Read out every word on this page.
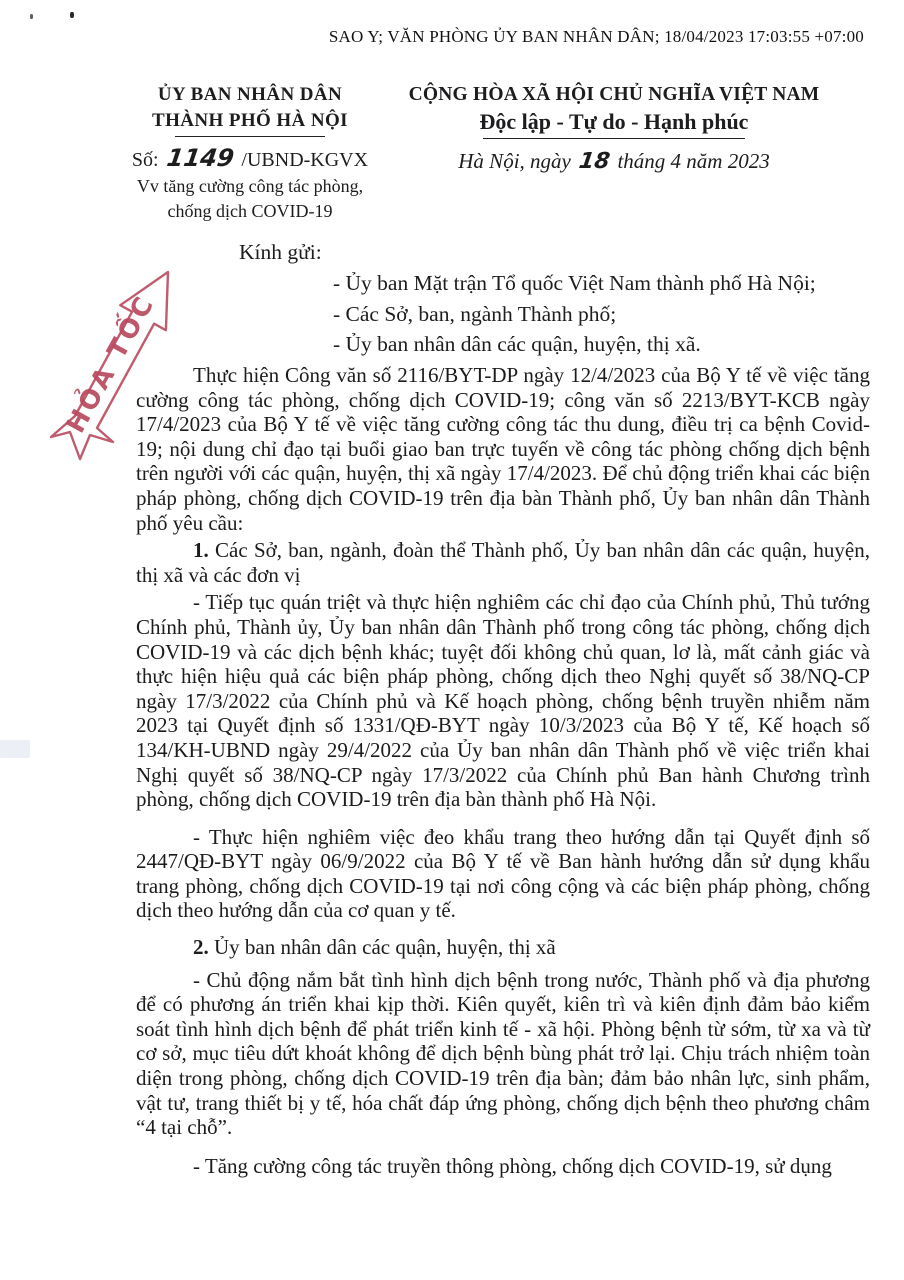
SAO Y; VĂN PHÒNG ỦY BAN NHÂN DÂN; 18/04/2023 17:03:55 +07:00
ỦY BAN NHÂN DÂN
THÀNH PHỐ HÀ NỘI
Số: 1149 /UBND-KGVX
Vv tăng cường công tác phòng,
chống dịch COVID-19
CỘNG HÒA XÃ HỘI CHỦ NGHĨA VIỆT NAM
Độc lập - Tự do - Hạnh phúc
Hà Nội, ngày 18 tháng 4 năm 2023
HỎA TỐC
Kính gửi:
- Ủy ban Mặt trận Tổ quốc Việt Nam thành phố Hà Nội;
- Các Sở, ban, ngành Thành phố;
- Ủy ban nhân dân các quận, huyện, thị xã.

Thực hiện Công văn số 2116/BYT-DP ngày 12/4/2023 của Bộ Y tế về việc tăng cường công tác phòng, chống dịch COVID-19; công văn số 2213/BYT-KCB ngày 17/4/2023 của Bộ Y tế về việc tăng cường công tác thu dung, điều trị ca bệnh Covid-19; nội dung chỉ đạo tại buổi giao ban trực tuyến về công tác phòng chống dịch bệnh trên người với các quận, huyện, thị xã ngày 17/4/2023. Để chủ động triển khai các biện pháp phòng, chống dịch COVID-19 trên địa bàn Thành phố, Ủy ban nhân dân Thành phố yêu cầu:

1. Các Sở, ban, ngành, đoàn thể Thành phố, Ủy ban nhân dân các quận, huyện, thị xã và các đơn vị

- Tiếp tục quán triệt và thực hiện nghiêm các chỉ đạo của Chính phủ, Thủ tướng Chính phủ, Thành ủy, Ủy ban nhân dân Thành phố trong công tác phòng, chống dịch COVID-19 và các dịch bệnh khác; tuyệt đối không chủ quan, lơ là, mất cảnh giác và thực hiện hiệu quả các biện pháp phòng, chống dịch theo Nghị quyết số 38/NQ-CP ngày 17/3/2022 của Chính phủ và Kế hoạch phòng, chống bệnh truyền nhiễm năm 2023 tại Quyết định số 1331/QĐ-BYT ngày 10/3/2023 của Bộ Y tế, Kế hoạch số 134/KH-UBND ngày 29/4/2022 của Ủy ban nhân dân Thành phố về việc triển khai Nghị quyết số 38/NQ-CP ngày 17/3/2022 của Chính phủ Ban hành Chương trình phòng, chống dịch COVID-19 trên địa bàn thành phố Hà Nội.

- Thực hiện nghiêm việc đeo khẩu trang theo hướng dẫn tại Quyết định số 2447/QĐ-BYT ngày 06/9/2022 của Bộ Y tế về Ban hành hướng dẫn sử dụng khẩu trang phòng, chống dịch COVID-19 tại nơi công cộng và các biện pháp phòng, chống dịch theo hướng dẫn của cơ quan y tế.

2. Ủy ban nhân dân các quận, huyện, thị xã

- Chủ động nắm bắt tình hình dịch bệnh trong nước, Thành phố và địa phương để có phương án triển khai kịp thời. Kiên quyết, kiên trì và kiên định đảm bảo kiểm soát tình hình dịch bệnh để phát triển kinh tế - xã hội. Phòng bệnh từ sớm, từ xa và từ cơ sở, mục tiêu dứt khoát không để dịch bệnh bùng phát trở lại. Chịu trách nhiệm toàn diện trong phòng, chống dịch COVID-19 trên địa bàn; đảm bảo nhân lực, sinh phẩm, vật tư, trang thiết bị y tế, hóa chất đáp ứng phòng, chống dịch bệnh theo phương châm “4 tại chỗ”.

- Tăng cường công tác truyền thông phòng, chống dịch COVID-19, sử dụng
